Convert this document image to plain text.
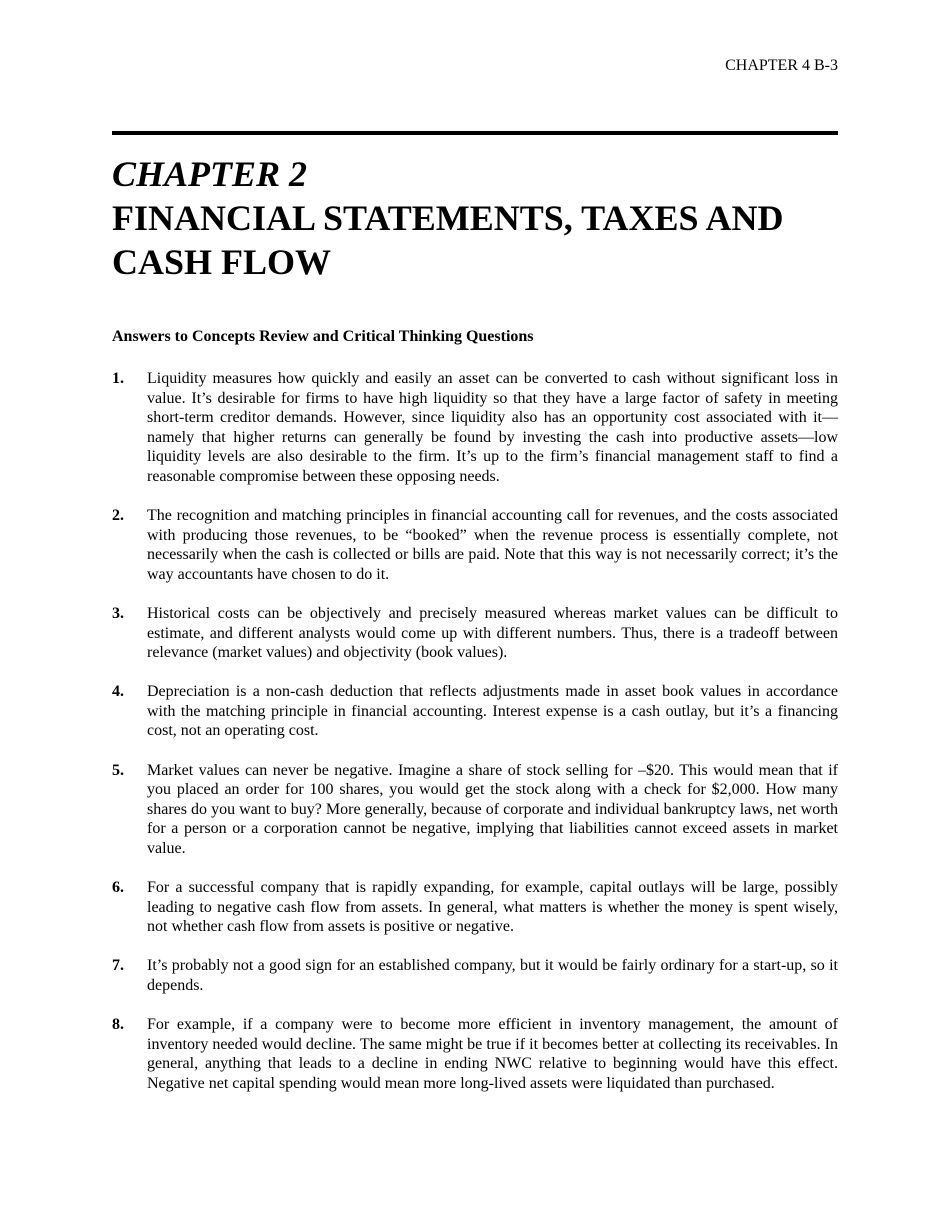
CHAPTER 4 B-3
CHAPTER 2
FINANCIAL STATEMENTS, TAXES AND CASH FLOW
Answers to Concepts Review and Critical Thinking Questions
1. Liquidity measures how quickly and easily an asset can be converted to cash without significant loss in value. It’s desirable for firms to have high liquidity so that they have a large factor of safety in meeting short-term creditor demands. However, since liquidity also has an opportunity cost associated with it—namely that higher returns can generally be found by investing the cash into productive assets—low liquidity levels are also desirable to the firm. It’s up to the firm’s financial management staff to find a reasonable compromise between these opposing needs.

2. The recognition and matching principles in financial accounting call for revenues, and the costs associated with producing those revenues, to be “booked” when the revenue process is essentially complete, not necessarily when the cash is collected or bills are paid. Note that this way is not necessarily correct; it’s the way accountants have chosen to do it.

3. Historical costs can be objectively and precisely measured whereas market values can be difficult to estimate, and different analysts would come up with different numbers. Thus, there is a tradeoff between relevance (market values) and objectivity (book values).

4. Depreciation is a non-cash deduction that reflects adjustments made in asset book values in accordance with the matching principle in financial accounting. Interest expense is a cash outlay, but it’s a financing cost, not an operating cost.

5. Market values can never be negative. Imagine a share of stock selling for –$20. This would mean that if you placed an order for 100 shares, you would get the stock along with a check for $2,000. How many shares do you want to buy? More generally, because of corporate and individual bankruptcy laws, net worth for a person or a corporation cannot be negative, implying that liabilities cannot exceed assets in market value.

6. For a successful company that is rapidly expanding, for example, capital outlays will be large, possibly leading to negative cash flow from assets. In general, what matters is whether the money is spent wisely, not whether cash flow from assets is positive or negative.

7. It’s probably not a good sign for an established company, but it would be fairly ordinary for a start-up, so it depends.

8. For example, if a company were to become more efficient in inventory management, the amount of inventory needed would decline. The same might be true if it becomes better at collecting its receivables. In general, anything that leads to a decline in ending NWC relative to beginning would have this effect. Negative net capital spending would mean more long-lived assets were liquidated than purchased.
